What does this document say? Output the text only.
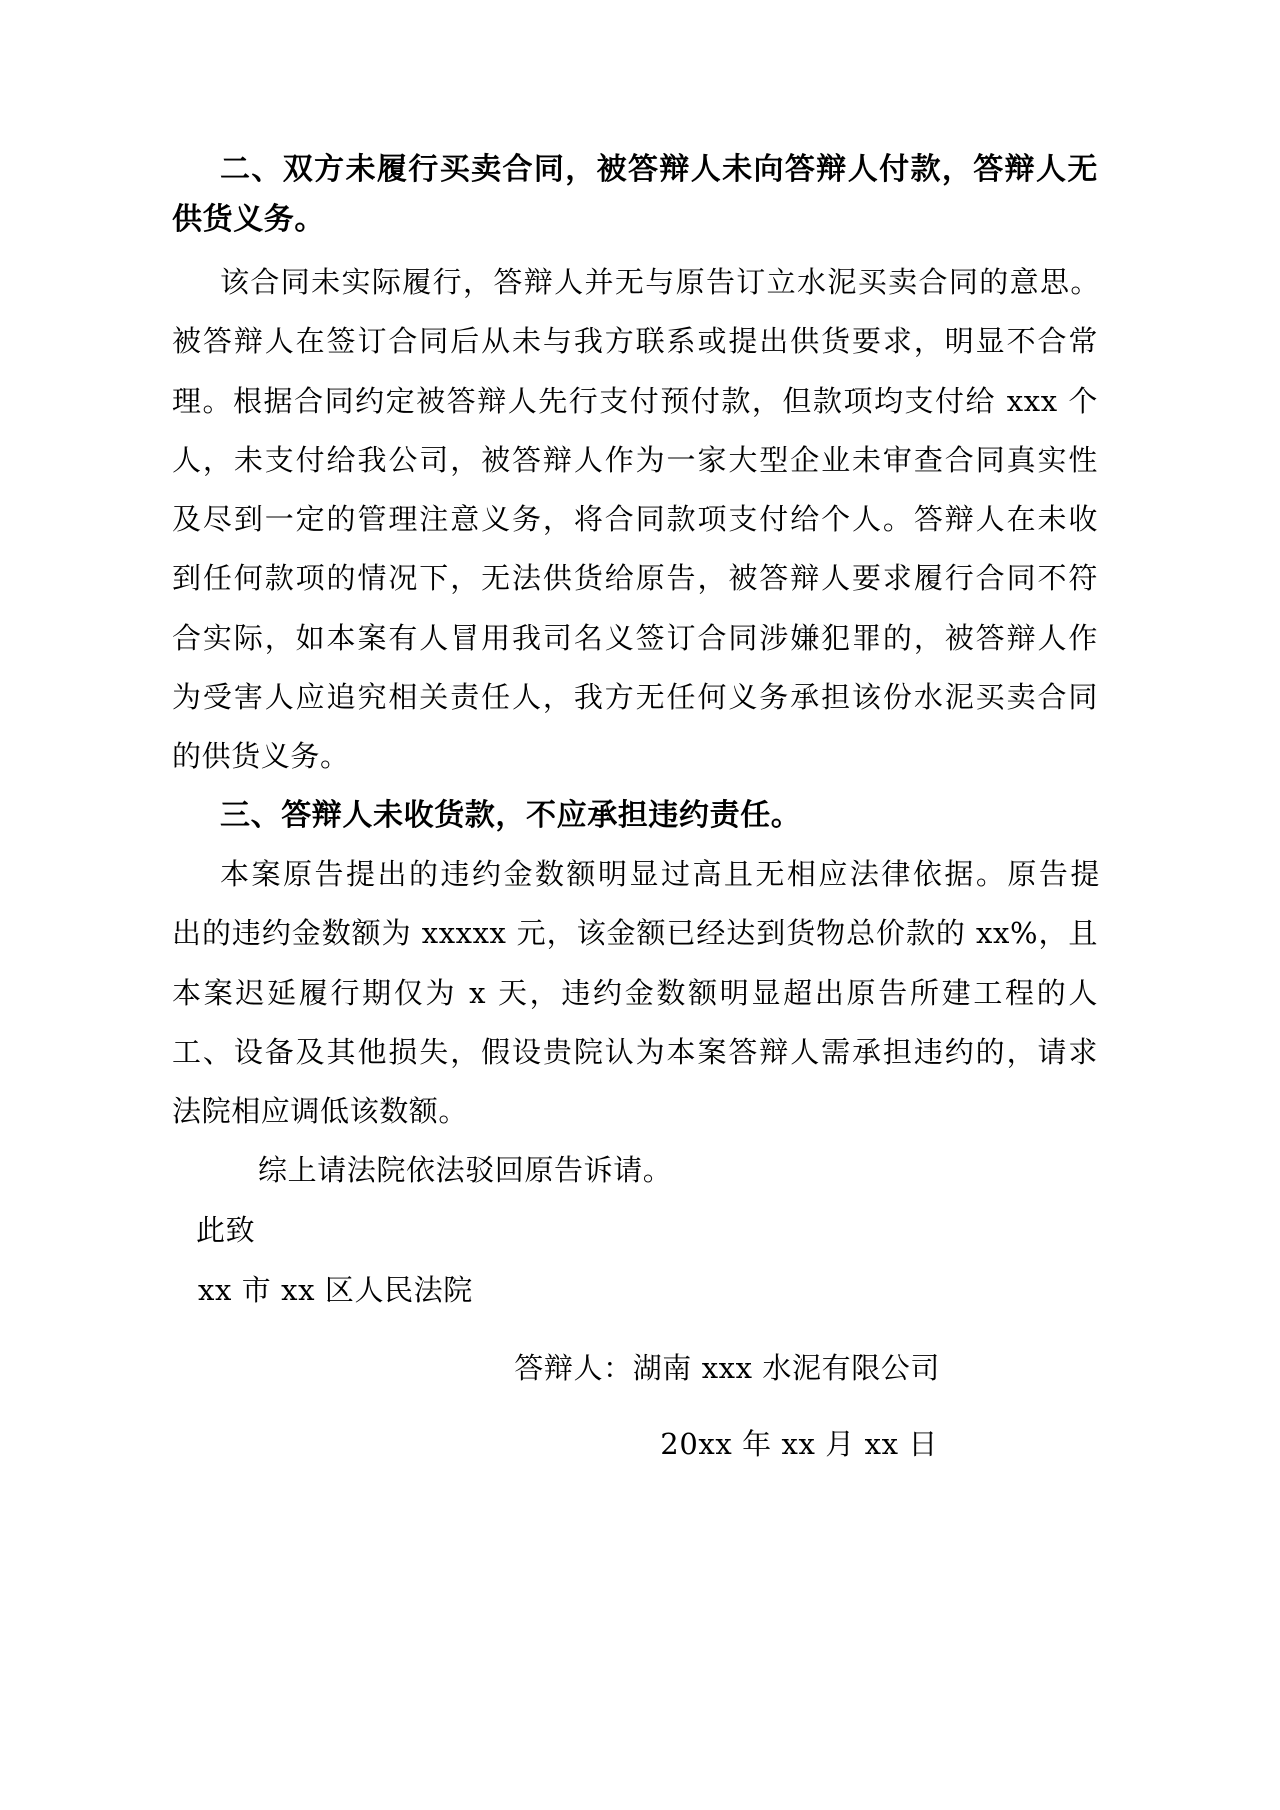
二、双方未履行买卖合同，被答辩人未向答辩人付款，答辩人无
供货义务。
该合同未实际履行，答辩人并无与原告订立水泥买卖合同的意思。
被答辩人在签订合同后从未与我方联系或提出供货要求，明显不合常
理。根据合同约定被答辩人先行支付预付款，但款项均支付给 xxx 个
人，未支付给我公司，被答辩人作为一家大型企业未审查合同真实性
及尽到一定的管理注意义务，将合同款项支付给个人。答辩人在未收
到任何款项的情况下，无法供货给原告，被答辩人要求履行合同不符
合实际，如本案有人冒用我司名义签订合同涉嫌犯罪的，被答辩人作
为受害人应追究相关责任人，我方无任何义务承担该份水泥买卖合同
的供货义务。
三、答辩人未收货款，不应承担违约责任。
本案原告提出的违约金数额明显过高且无相应法律依据。原告提
出的违约金数额为 xxxxx 元，该金额已经达到货物总价款的 xx%，且
本案迟延履行期仅为 x 天，违约金数额明显超出原告所建工程的人
工、设备及其他损失，假设贵院认为本案答辩人需承担违约的，请求
法院相应调低该数额。
综上请法院依法驳回原告诉请。
此致
xx 市 xx 区人民法院
答辩人：湖南 xxx 水泥有限公司
20xx 年 xx 月 xx 日
